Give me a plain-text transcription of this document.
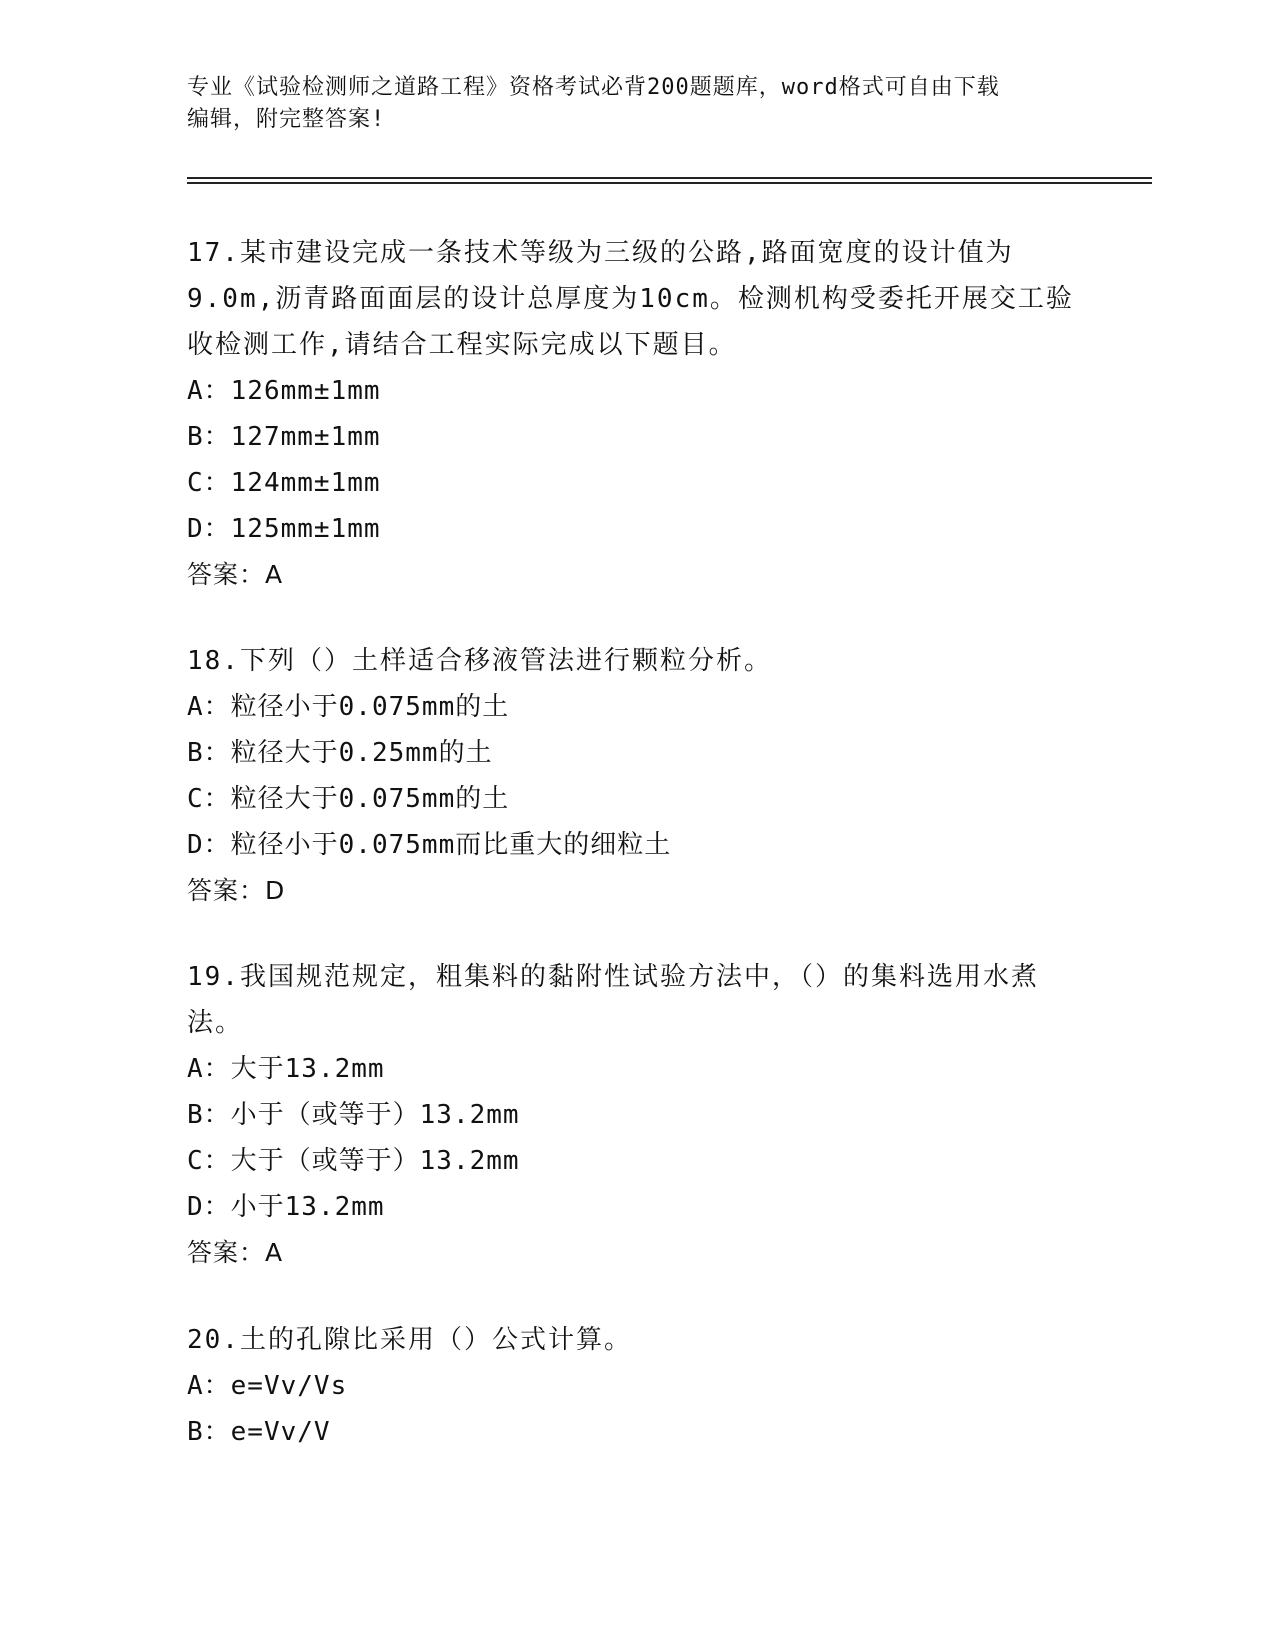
专业《试验检测师之道路工程》资格考试必背200题题库，word格式可自由下载
编辑，附完整答案!

17.某市建设完成一条技术等级为三级的公路,路面宽度的设计值为9.0m,沥青路面面层的设计总厚度为10cm。检测机构受委托开展交工验收检测工作,请结合工程实际完成以下题目。

A：126mm±1mm

B：127mm±1mm

C：124mm±1mm

D：125mm±1mm

答案：A

18.下列（）土样适合移液管法进行颗粒分析。

A：粒径小于0.075mm的土

B：粒径大于0.25mm的土

C：粒径大于0.075mm的土

D：粒径小于0.075mm而比重大的细粒土

答案：D

19.我国规范规定，粗集料的黏附性试验方法中，（）的集料选用水煮法。

A：大于13.2mm

B：小于（或等于）13.2mm

C：大于（或等于）13.2mm

D：小于13.2mm

答案：A

20.土的孔隙比采用（）公式计算。

A：e=Vv/Vs

B：e=Vv/V
